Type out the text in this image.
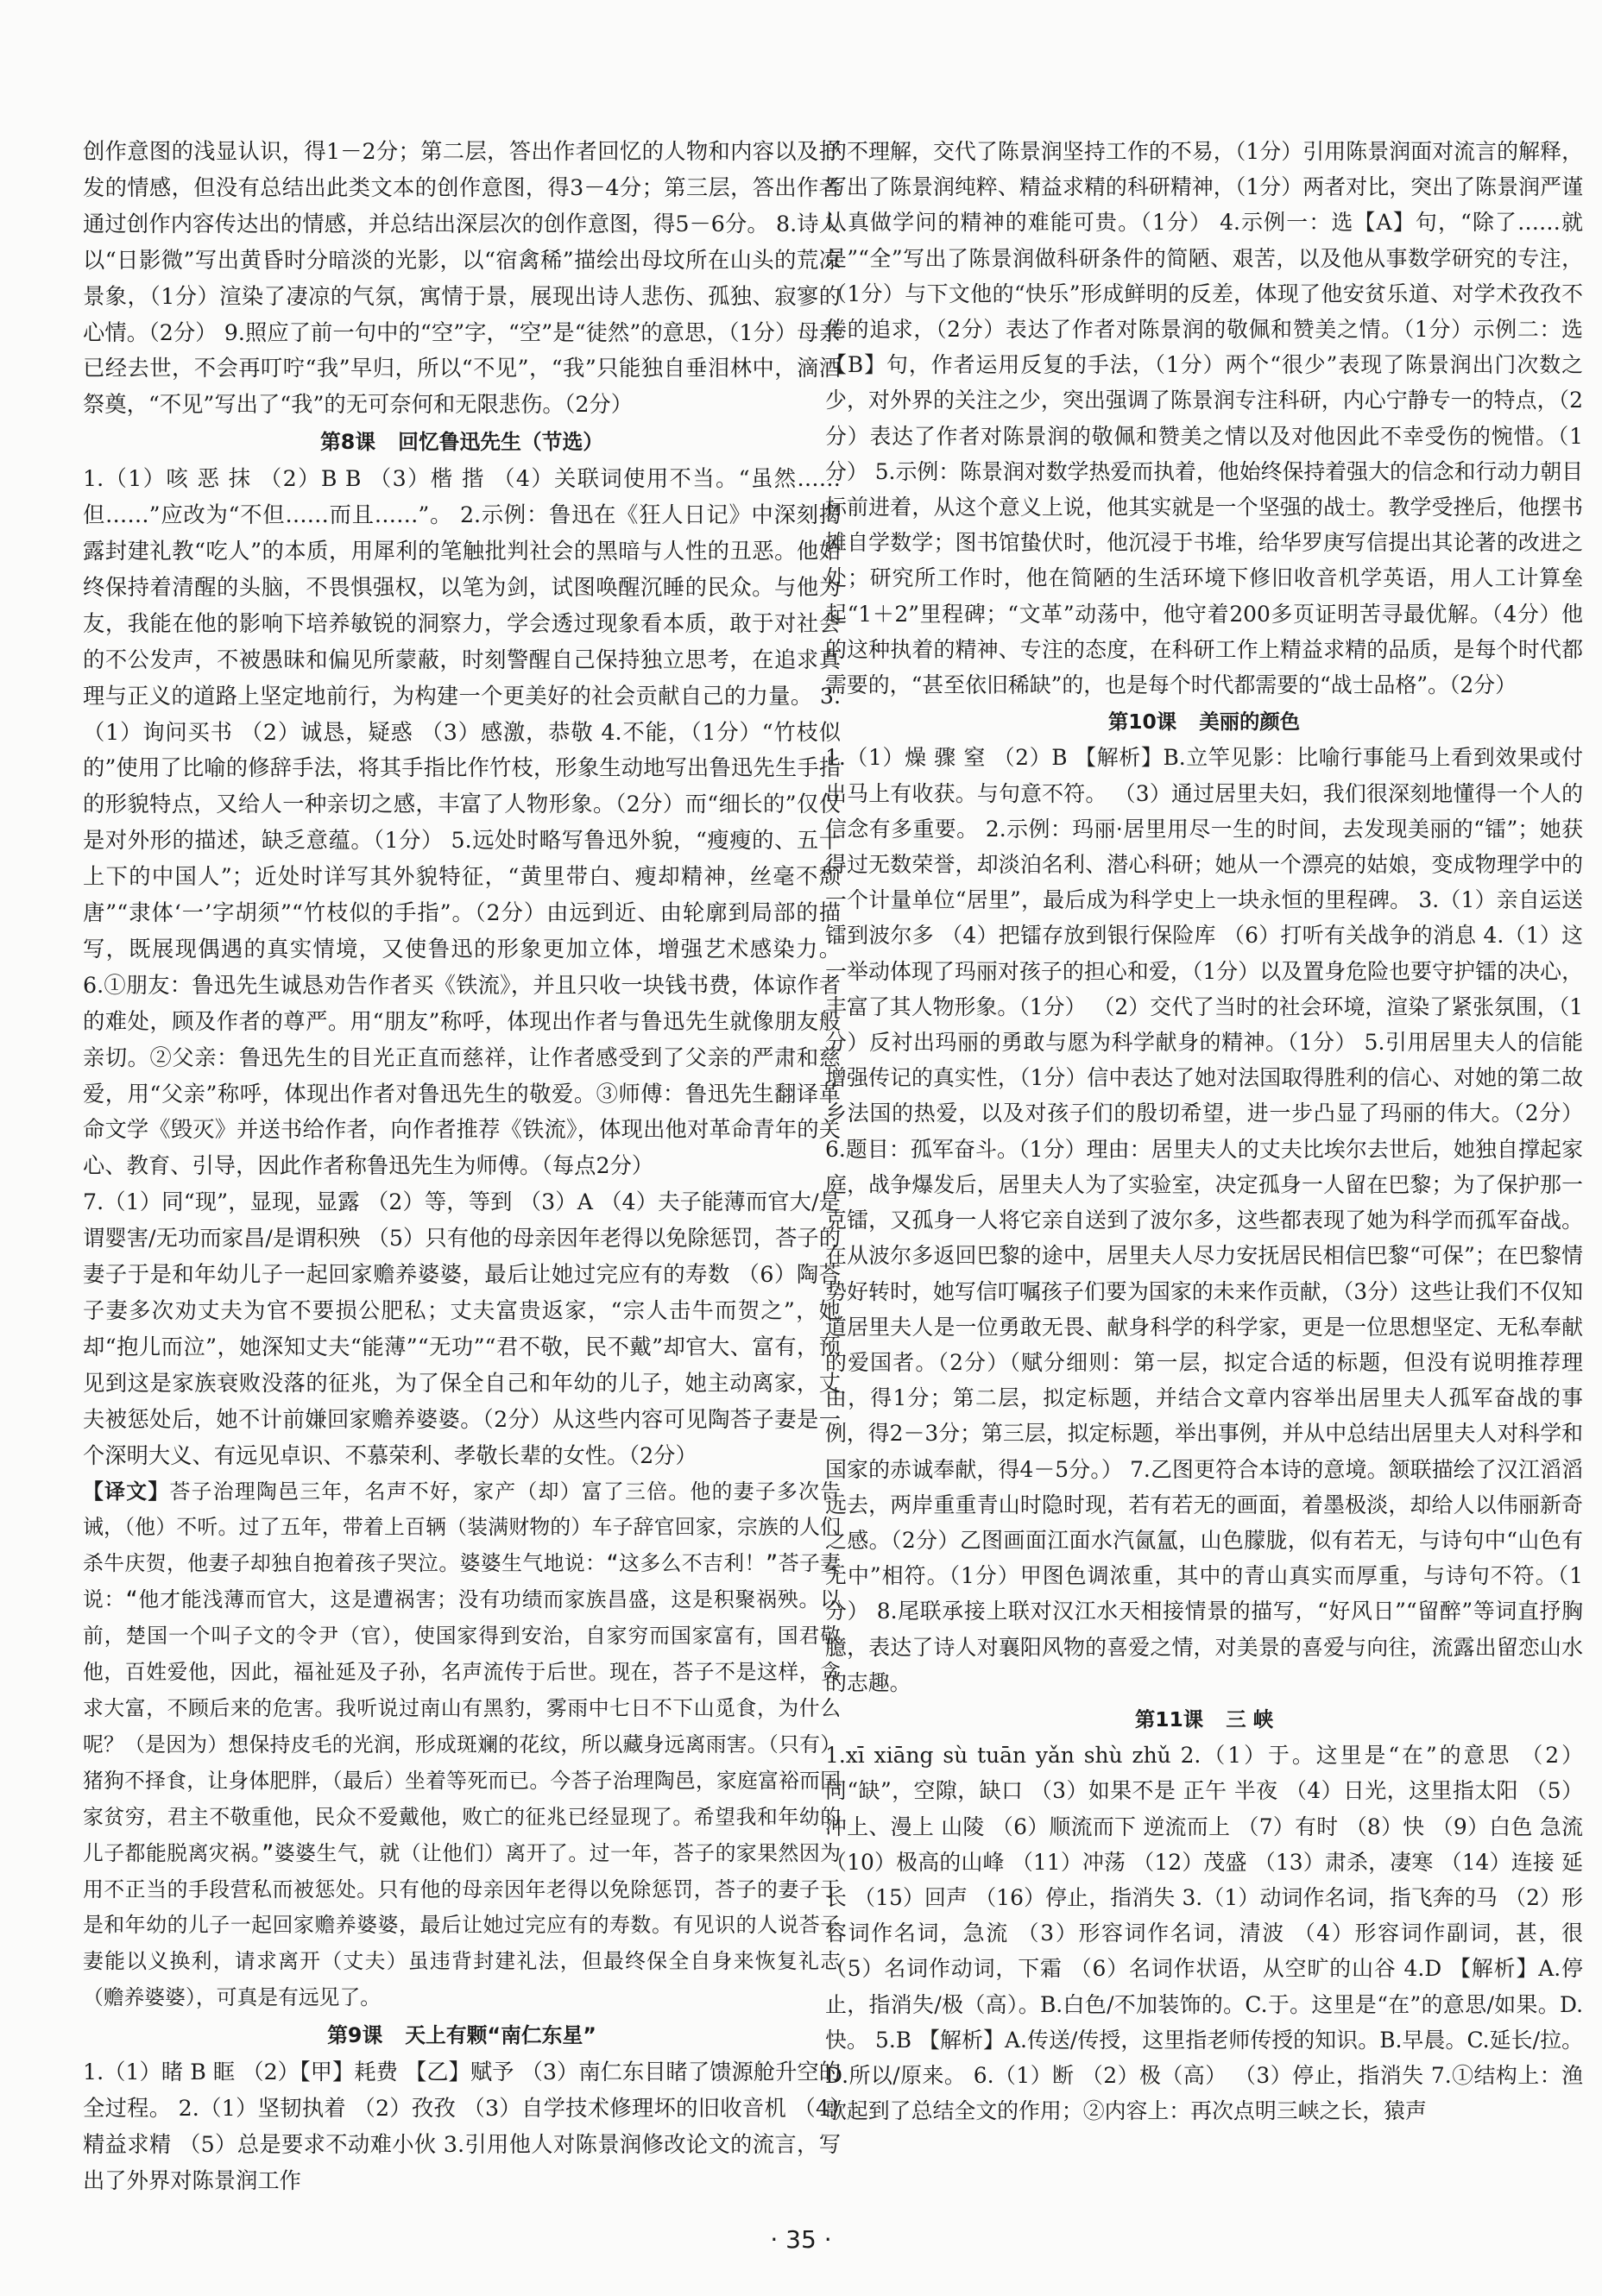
创作意图的浅显认识，得1－2分；第二层，答出作者回忆的人物和内容以及抒发的情感，但没有总结出此类文本的创作意图，得3－4分；第三层，答出作者通过创作内容传达出的情感，并总结出深层次的创作意图，得5－6分。 8.诗人以“日影微”写出黄昏时分暗淡的光影，以“宿禽稀”描绘出母坟所在山头的荒凉景象，（1分）渲染了凄凉的气氛，寓情于景，展现出诗人悲伤、孤独、寂寥的心情。（2分） 9.照应了前一句中的“空”字，“空”是“徒然”的意思，（1分）母亲已经去世，不会再叮咛“我”早归，所以“不见”，“我”只能独自垂泪林中，滴酒祭奠，“不见”写出了“我”的无可奈何和无限悲伤。（2分）

第8课 回忆鲁迅先生（节选）

1.（1）咳 恶 抹 （2）B B （3）楷 揩 （4）关联词使用不当。“虽然……但……”应改为“不但……而且……”。 2.示例：鲁迅在《狂人日记》中深刻揭露封建礼教“吃人”的本质，用犀利的笔触批判社会的黑暗与人性的丑恶。他始终保持着清醒的头脑，不畏惧强权，以笔为剑，试图唤醒沉睡的民众。与他为友，我能在他的影响下培养敏锐的洞察力，学会透过现象看本质，敢于对社会的不公发声，不被愚昧和偏见所蒙蔽，时刻警醒自己保持独立思考，在追求真理与正义的道路上坚定地前行，为构建一个更美好的社会贡献自己的力量。 3.（1）询问买书 （2）诚恳，疑惑 （3）感激，恭敬 4.不能，（1分）“竹枝似的”使用了比喻的修辞手法，将其手指比作竹枝，形象生动地写出鲁迅先生手指的形貌特点，又给人一种亲切之感，丰富了人物形象。（2分）而“细长的”仅仅是对外形的描述，缺乏意蕴。（1分） 5.远处时略写鲁迅外貌，“瘦瘦的、五十上下的中国人”；近处时详写其外貌特征，“黄里带白、瘦却精神，丝毫不颓唐”“隶体‘一’字胡须”“竹枝似的手指”。（2分）由远到近、由轮廓到局部的描写，既展现偶遇的真实情境，又使鲁迅的形象更加立体，增强艺术感染力。 6.①朋友：鲁迅先生诚恳劝告作者买《铁流》，并且只收一块钱书费，体谅作者的难处，顾及作者的尊严。用“朋友”称呼，体现出作者与鲁迅先生就像朋友般亲切。②父亲：鲁迅先生的目光正直而慈祥，让作者感受到了父亲的严肃和慈爱，用“父亲”称呼，体现出作者对鲁迅先生的敬爱。③师傅：鲁迅先生翻译革命文学《毁灭》并送书给作者，向作者推荐《铁流》，体现出他对革命青年的关心、教育、引导，因此作者称鲁迅先生为师傅。（每点2分）

7.（1）同“现”，显现，显露 （2）等，等到 （3）A （4）夫子能薄而官大/是谓婴害/无功而家昌/是谓积殃 （5）只有他的母亲因年老得以免除惩罚，荅子的妻子于是和年幼儿子一起回家赡养婆婆，最后让她过完应有的寿数 （6）陶荅子妻多次劝丈夫为官不要损公肥私；丈夫富贵返家，“宗人击牛而贺之”，她却“抱儿而泣”，她深知丈夫“能薄”“无功”“君不敬，民不戴”却官大、富有，预见到这是家族衰败没落的征兆，为了保全自己和年幼的儿子，她主动离家，丈夫被惩处后，她不计前嫌回家赡养婆婆。（2分）从这些内容可见陶荅子妻是一个深明大义、有远见卓识、不慕荣利、孝敬长辈的女性。（2分）

【译文】荅子治理陶邑三年，名声不好，家产（却）富了三倍。他的妻子多次告诫，（他）不听。过了五年，带着上百辆（装满财物的）车子辞官回家，宗族的人们杀牛庆贺，他妻子却独自抱着孩子哭泣。婆婆生气地说：“这多么不吉利！”荅子妻说：“他才能浅薄而官大，这是遭祸害；没有功绩而家族昌盛，这是积聚祸殃。以前，楚国一个叫子文的令尹（官），使国家得到安治，自家穷而国家富有，国君敬他，百姓爱他，因此，福祉延及子孙，名声流传于后世。现在，荅子不是这样，贪求大富，不顾后来的危害。我听说过南山有黑豹，雾雨中七日不下山觅食，为什么呢？（是因为）想保持皮毛的光润，形成斑斓的花纹，所以藏身远离雨害。（只有）猪狗不择食，让身体肥胖，（最后）坐着等死而已。今荅子治理陶邑，家庭富裕而国家贫穷，君主不敬重他，民众不爱戴他，败亡的征兆已经显现了。希望我和年幼的儿子都能脱离灾祸。”婆婆生气，就（让他们）离开了。过一年，荅子的家果然因为用不正当的手段营私而被惩处。只有他的母亲因年老得以免除惩罚，荅子的妻子于是和年幼的儿子一起回家赡养婆婆，最后让她过完应有的寿数。有见识的人说荅子妻能以义换利，请求离开（丈夫）虽违背封建礼法，但最终保全自身来恢复礼志（赡养婆婆），可真是有远见了。

第9课 天上有颗“南仁东星”

1.（1）睹 B 眶 （2）【甲】耗费 【乙】赋予 （3）南仁东目睹了馈源舱升空的全过程。 2.（1）坚韧执着 （2）孜孜 （3）自学技术修理坏的旧收音机 （4）精益求精 （5）总是要求不动难小伙 3.引用他人对陈景润修改论文的流言，写出了外界对陈景润工作

的不理解，交代了陈景润坚持工作的不易，（1分）引用陈景润面对流言的解释，写出了陈景润纯粹、精益求精的科研精神，（1分）两者对比，突出了陈景润严谨认真做学问的精神的难能可贵。（1分） 4.示例一：选【A】句，“除了……就是”“全”写出了陈景润做科研条件的简陋、艰苦，以及他从事数学研究的专注，（1分）与下文他的“快乐”形成鲜明的反差，体现了他安贫乐道、对学术孜孜不倦的追求，（2分）表达了作者对陈景润的敬佩和赞美之情。（1分）示例二：选【B】句，作者运用反复的手法，（1分）两个“很少”表现了陈景润出门次数之少，对外界的关注之少，突出强调了陈景润专注科研，内心宁静专一的特点，（2分）表达了作者对陈景润的敬佩和赞美之情以及对他因此不幸受伤的惋惜。（1分） 5.示例：陈景润对数学热爱而执着，他始终保持着强大的信念和行动力朝目标前进着，从这个意义上说，他其实就是一个坚强的战士。教学受挫后，他摆书摊自学数学；图书馆蛰伏时，他沉浸于书堆，给华罗庚写信提出其论著的改进之处；研究所工作时，他在简陋的生活环境下修旧收音机学英语，用人工计算垒起“1＋2”里程碑；“文革”动荡中，他守着200多页证明苦寻最优解。（4分）他的这种执着的精神、专注的态度，在科研工作上精益求精的品质，是每个时代都需要的，“甚至依旧稀缺”的，也是每个时代都需要的“战士品格”。（2分）

第10课 美丽的颜色

1.（1）燥 骤 窒 （2）B 【解析】B.立竿见影：比喻行事能马上看到效果或付出马上有收获。与句意不符。 （3）通过居里夫妇，我们很深刻地懂得一个人的信念有多重要。 2.示例：玛丽·居里用尽一生的时间，去发现美丽的“镭”；她获得过无数荣誉，却淡泊名利、潜心科研；她从一个漂亮的姑娘，变成物理学中的一个计量单位“居里”，最后成为科学史上一块永恒的里程碑。 3.（1）亲自运送镭到波尔多 （4）把镭存放到银行保险库 （6）打听有关战争的消息 4.（1）这一举动体现了玛丽对孩子的担心和爱，（1分）以及置身危险也要守护镭的决心，丰富了其人物形象。（1分） （2）交代了当时的社会环境，渲染了紧张氛围，（1分）反衬出玛丽的勇敢与愿为科学献身的精神。（1分） 5.引用居里夫人的信能增强传记的真实性，（1分）信中表达了她对法国取得胜利的信心、对她的第二故乡法国的热爱，以及对孩子们的殷切希望，进一步凸显了玛丽的伟大。（2分） 6.题目：孤军奋斗。（1分）理由：居里夫人的丈夫比埃尔去世后，她独自撑起家庭，战争爆发后，居里夫人为了实验室，决定孤身一人留在巴黎；为了保护那一克镭，又孤身一人将它亲自送到了波尔多，这些都表现了她为科学而孤军奋战。在从波尔多返回巴黎的途中，居里夫人尽力安抚居民相信巴黎“可保”；在巴黎情势好转时，她写信叮嘱孩子们要为国家的未来作贡献，（3分）这些让我们不仅知道居里夫人是一位勇敢无畏、献身科学的科学家，更是一位思想坚定、无私奉献的爱国者。（2分）（赋分细则：第一层，拟定合适的标题，但没有说明推荐理由，得1分；第二层，拟定标题，并结合文章内容举出居里夫人孤军奋战的事例，得2－3分；第三层，拟定标题，举出事例，并从中总结出居里夫人对科学和国家的赤诚奉献，得4－5分。） 7.乙图更符合本诗的意境。颔联描绘了汉江滔滔远去，两岸重重青山时隐时现，若有若无的画面，着墨极淡，却给人以伟丽新奇之感。（2分）乙图画面江面水汽氤氲，山色朦胧，似有若无，与诗句中“山色有无中”相符。（1分）甲图色调浓重，其中的青山真实而厚重，与诗句不符。（1分） 8.尾联承接上联对汉江水天相接情景的描写，“好风日”“留醉”等词直抒胸臆，表达了诗人对襄阳风物的喜爱之情，对美景的喜爱与向往，流露出留恋山水的志趣。

第11课 三 峡

1.xī xiāng sù tuān yǎn shù zhǔ 2.（1）于。这里是“在”的意思 （2）同“缺”，空隙，缺口 （3）如果不是 正午 半夜 （4）日光，这里指太阳 （5）冲上、漫上 山陵 （6）顺流而下 逆流而上 （7）有时 （8）快 （9）白色 急流 （10）极高的山峰 （11）冲荡 （12）茂盛 （13）肃杀，凄寒 （14）连接 延长 （15）回声 （16）停止，指消失 3.（1）动词作名词，指飞奔的马 （2）形容词作名词，急流 （3）形容词作名词，清波 （4）形容词作副词，甚，很 （5）名词作动词，下霜 （6）名词作状语，从空旷的山谷 4.D 【解析】A.停止，指消失/极（高）。B.白色/不加装饰的。C.于。这里是“在”的意思/如果。D.快。 5.B 【解析】A.传送/传授，这里指老师传授的知识。B.早晨。C.延长/拉。D.所以/原来。 6.（1）断 （2）极（高） （3）停止，指消失 7.①结构上：渔歌起到了总结全文的作用；②内容上：再次点明三峡之长，猿声

· 35 ·
